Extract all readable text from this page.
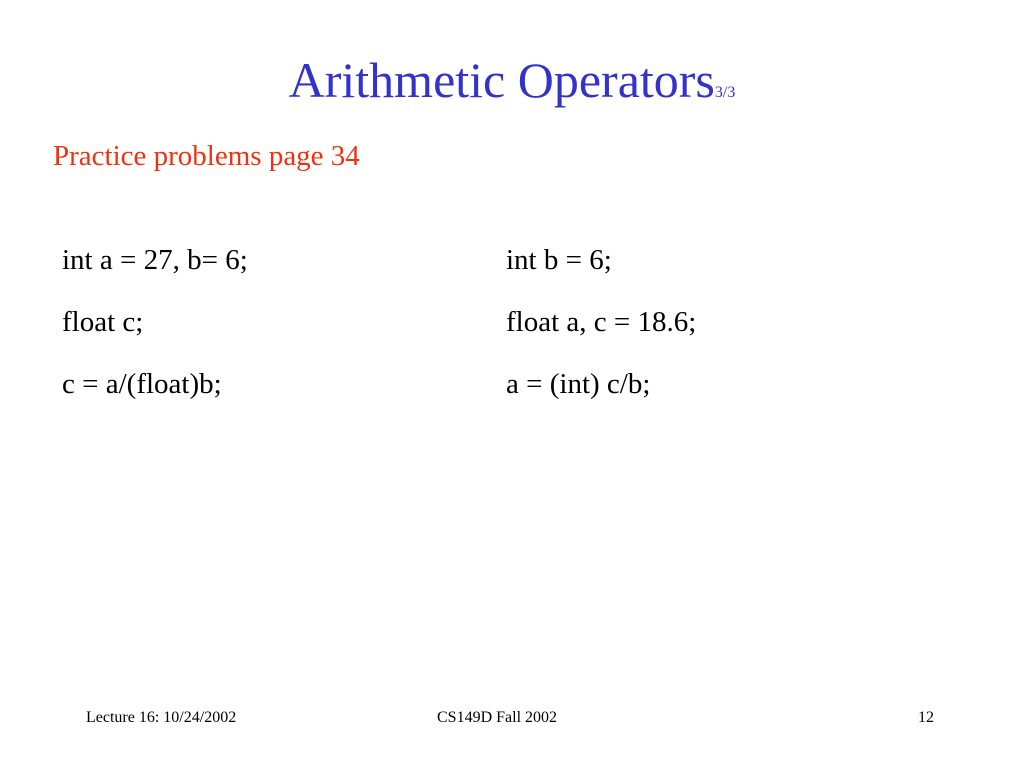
Arithmetic Operators3/3
Practice problems page 34
int a = 27, b= 6;
float c;
c = a/(float)b;
int b = 6;
float a, c = 18.6;
a = (int) c/b;
Lecture 16: 10/24/2002	CS149D Fall 2002	12
